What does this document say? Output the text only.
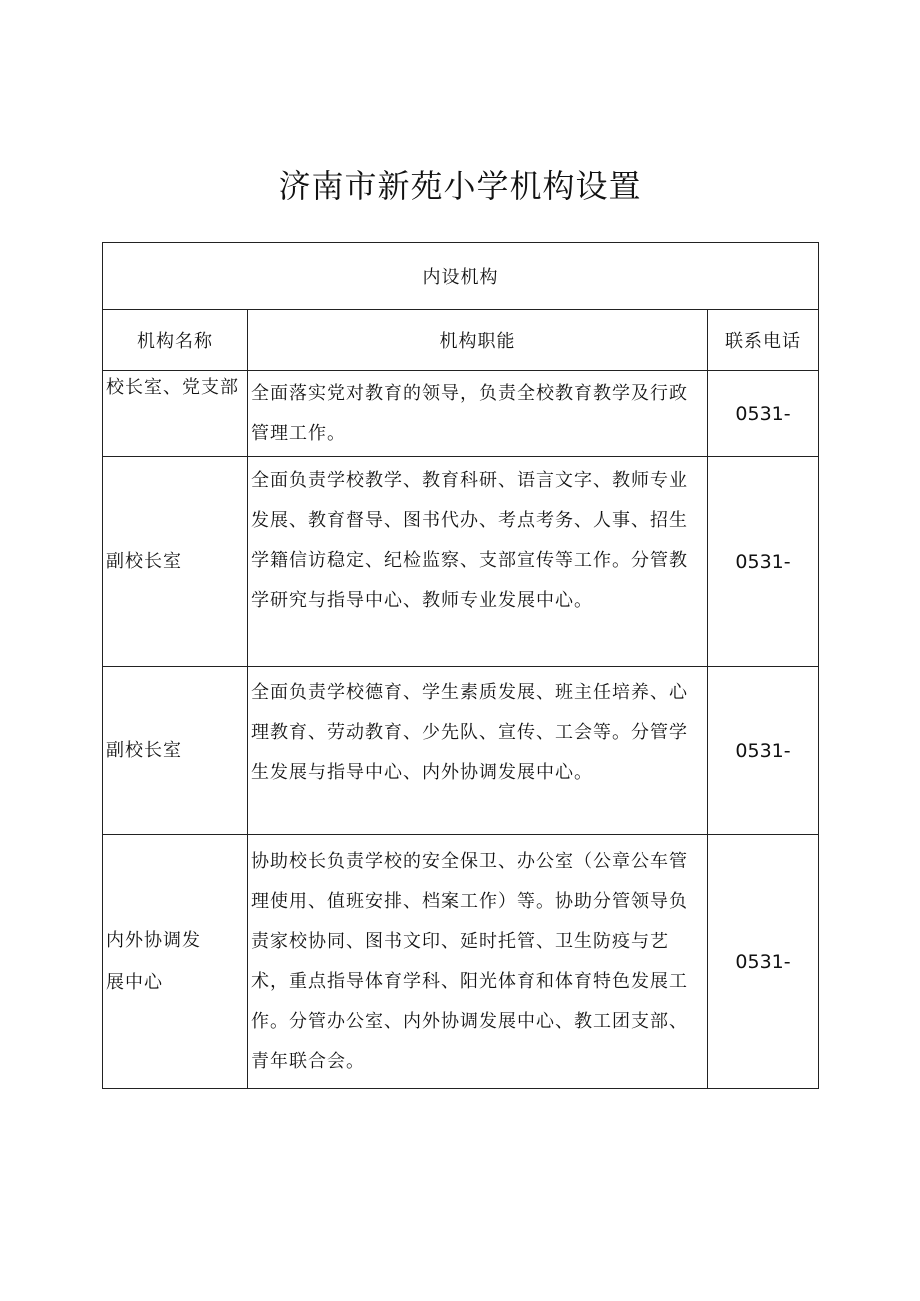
济南市新苑小学机构设置
内设机构		
机构名称	机构职能	联系电话

校长室、党支部	全面落实党对教育的领导，负责全校教育教学及行政管理工作。	0531-
副校长室	全面负责学校教学、教育科研、语言文字、教师专业发展、教育督导、图书代办、考点考务、人事、招生学籍信访稳定、纪检监察、支部宣传等工作。分管教学研究与指导中心、教师专业发展中心。	0531-
副校长室	全面负责学校德育、学生素质发展、班主任培养、心理教育、劳动教育、少先队、宣传、工会等。分管学生发展与指导中心、内外协调发展中心。	0531-

内外协调发展中心	协助校长负责学校的安全保卫、办公室（公章公车管理使用、值班安排、档案工作）等。协助分管领导负责家校协同、图书文印、延时托管、卫生防疫与艺术，重点指导体育学科、阳光体育和体育特色发展工作。分管办公室、内外协调发展中心、教工团支部、青年联合会。	0531-
